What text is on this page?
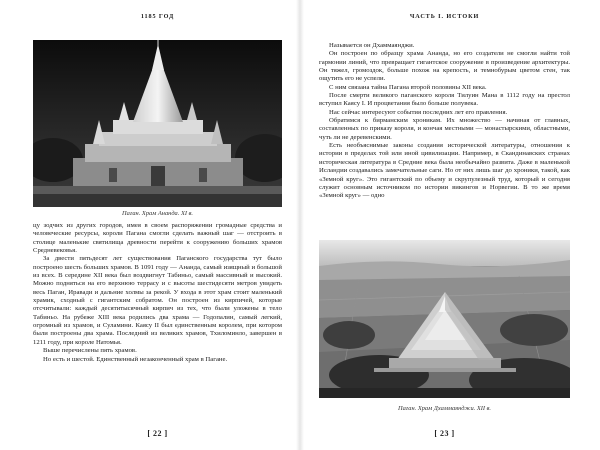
1185 ГОД
Паган. Храм Ананда. XI в.

цу зодчих из других городов, имея в своем распоряжении громадные средства и человеческие ресурсы, короли Пагана смогли сделать важный шаг — отстроить в столице маленькие святилища древности перейти к сооружению больших храмов Средневековья.

За двести пятьдесят лет существования Паганского государства тут было построено шесть больших храмов. В 1091 году — Ананда, самый изящный и большой из всех. В середине XII века был воздвигнут Табиньо, самый массивный и высокий. Можно подняться на его верхнюю террасу и с высоты шестидесяти метров увидеть весь Паган, Иравади и дальние холмы за рекой. У входа в этот храм стоит маленький храмик, сходный с гигантским собратом. Он построен из кирпичей, которые отсчитывали: каждый десятитысячный кирпич из тех, что были уложены в тело Табиньо. На рубеже XIII века родились два храма — Годопалин, самый легкий, огромный из храмов, и Суламини. Каясу II был единственным королем, при котором были построены два храма. Последний из великих храмов, Тхиломинло, завершен в 1211 году, при короле Натомья.

Выше перечислены пять храмов.

Но есть и шестой. Единственный незаконченный храм в Пагане.

[ 22 ]
ЧАСТЬ I. ИСТОКИ

Называется он Дхаммаянджи.

Он построен по образцу храма Ананда, но его создатели не смогли найти той гармонии линий, что превращает гигантское сооружение в произведение архитектуры. Он тяжел, громоздок, больше похож на крепость, и темнобурым цветом стен, так ощутить его не успели.

С ним связана тайна Пагана второй половины XII века.

После смерти великого паганского короля Тилуин Мана в 1112 году на престол вступил Каясу I. И процветания было больше полувека.

Нас сейчас интересуют события последних лет его правления.

Обратимся к бирманским хроникам. Их множество — начиная от главных, составленных по приказу короля, и кончая местными — монастырскими, областными, чуть ли не деревенскими.

Есть необъяснимые законы создания исторической литературы, отношения к истории в пределах той или иной цивилизации. Например, в Скандинавских странах историческая литература в Средние века была необычайно развита. Даже в маленькой Исландии создавались замечательные саги. Но от них лишь шаг до хроники, такой, как «Земной круг». Это гигантский по объему и скрупулезный труд, который и сегодня служит основным источником по истории викингов и Норвегии. В то же время «Земной круг» — одно

Паган. Храм Дхаммаянджи. XII в.
[ 23 ]
